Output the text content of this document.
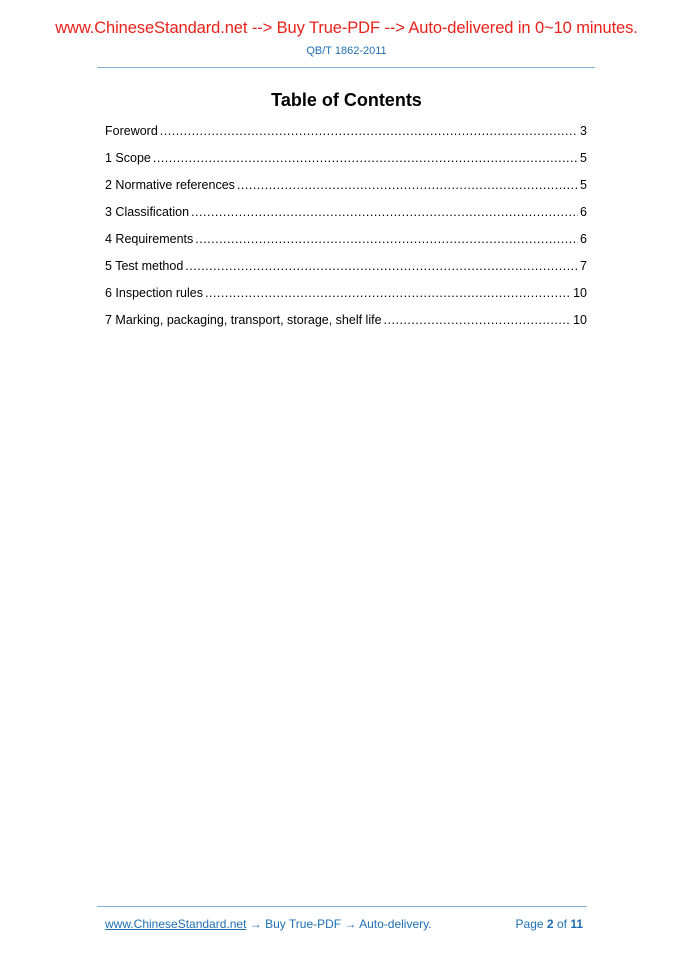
www.ChineseStandard.net --> Buy True-PDF --> Auto-delivered in 0~10 minutes.
QB/T 1862-2011
Table of Contents
Foreword .....	3
1 Scope .....	5
2 Normative references .....	5
3 Classification .....	6
4 Requirements .....	6
5 Test method .....	7
6 Inspection rules .....	10
7 Marking, packaging, transport, storage, shelf life .....	10
www.ChineseStandard.net → Buy True-PDF → Auto-delivery.	Page 2 of 11
